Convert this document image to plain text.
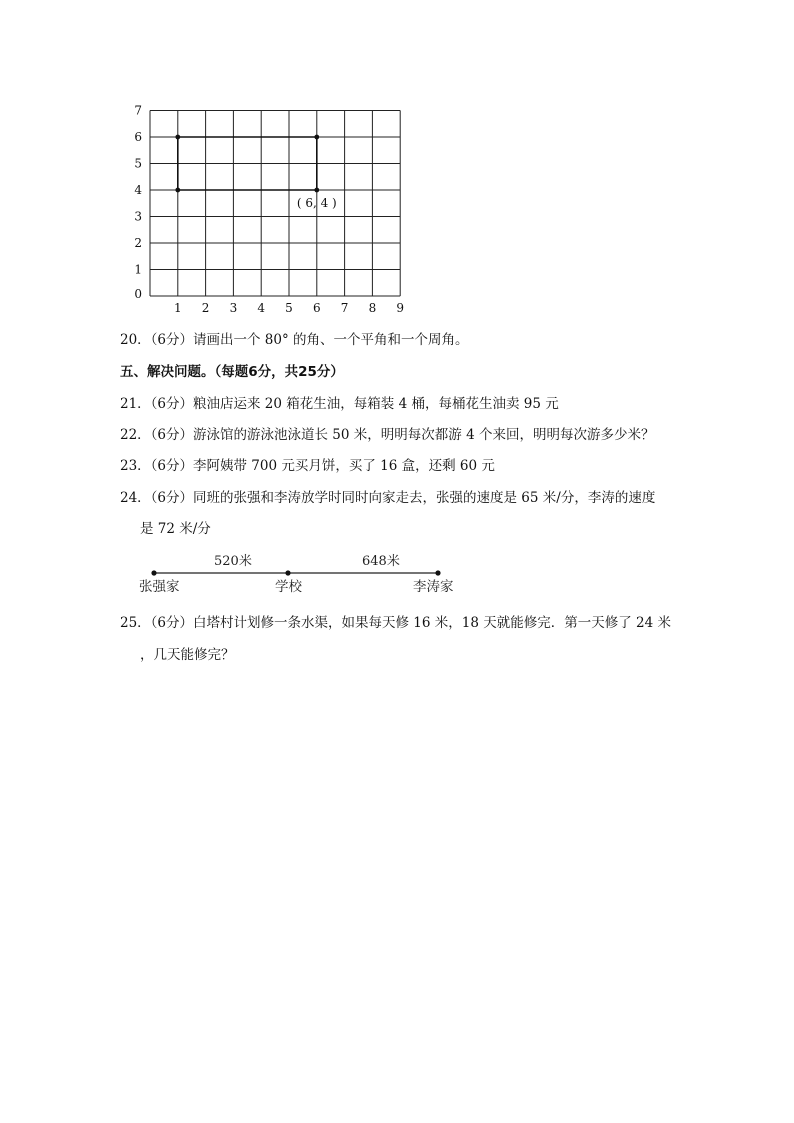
1 2 3 4 5 6 7 8 9
1
2
3
4
5
6
7
0
( 6, 4 )
20．（6分）请画出一个 80° 的角、一个平角和一个周角。
五、解决问题。（每题6分，共25分）
21．（6分）粮油店运来 20 箱花生油，每箱装 4 桶，每桶花生油卖 95 元
22．（6分）游泳馆的游泳池泳道长 50 米，明明每次都游 4 个来回，明明每次游多少米？
23．（6分）李阿姨带 700 元买月饼，买了 16 盒，还剩 60 元
24．（6分）同班的张强和李涛放学时同时向家走去，张强的速度是 65 米/分，李涛的速度
是 72 米/分
520米	648米
张强家	学校	李涛家
25．（6分）白塔村计划修一条水渠，如果每天修 16 米，18 天就能修完．第一天修了 24 米
，几天能修完？
